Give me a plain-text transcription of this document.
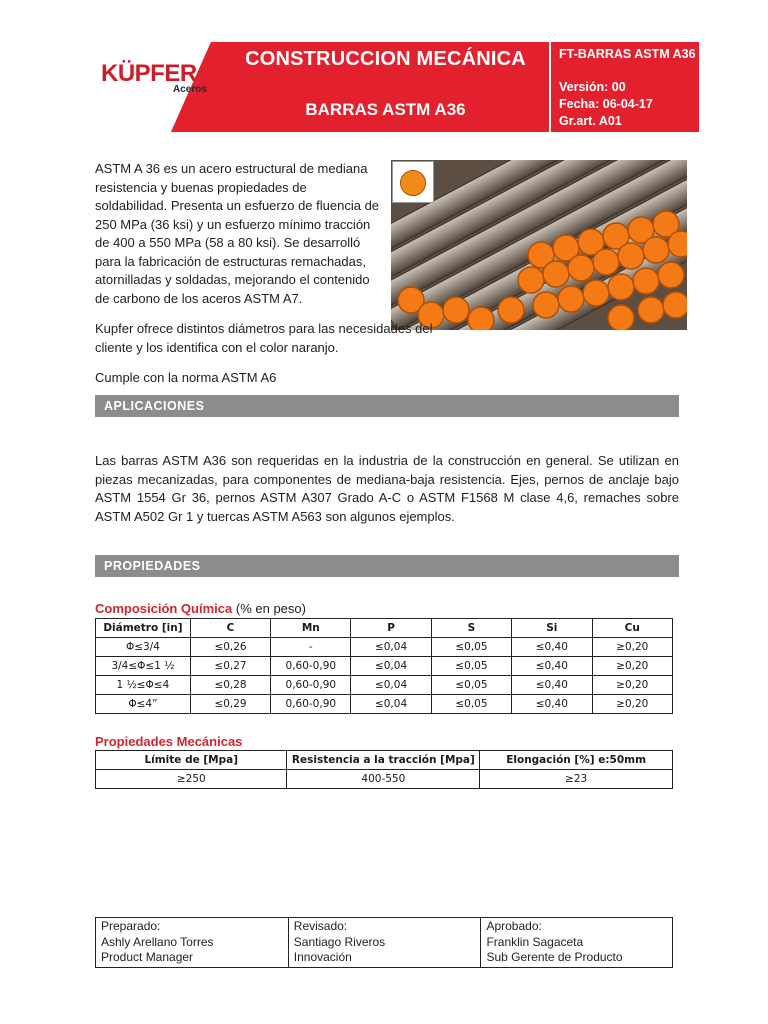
KÜPFER
Aceros
CONSTRUCCION MECÁNICA
BARRAS ASTM A36
FT-BARRAS ASTM A36
Versión: 00
Fecha: 06-04-17
Gr.art. A01
ASTM A 36 es un acero estructural de mediana resistencia y buenas propiedades de soldabilidad. Presenta un esfuerzo de fluencia de 250 MPa (36 ksi) y un esfuerzo mínimo tracción de 400 a 550 MPa (58 a 80 ksi). Se desarrolló para la fabricación de estructuras remachadas, atornilladas y soldadas, mejorando el contenido de carbono de los aceros ASTM A7.
Kupfer ofrece distintos diámetros para las necesidades del cliente y los identifica con el color naranjo.
Cumple con la norma ASTM A6
APLICACIONES
Las barras ASTM A36 son requeridas en la industria de la construcción en general. Se utilizan en piezas mecanizadas, para componentes de mediana-baja resistencia. Ejes, pernos de anclaje bajo ASTM 1554 Gr 36, pernos ASTM A307 Grado A-C o ASTM F1568 M clase 4,6, remaches sobre ASTM A502 Gr 1 y tuercas ASTM A563 son algunos ejemplos.
PROPIEDADES
Composición Química (% en peso)
Diámetro [in]	C	Mn	P	S	Si	Cu
Φ≤3/4	≤0,26	-	≤0,04	≤0,05	≤0,40	≥0,20
3/4≤Φ≤1 ½	≤0,27	0,60-0,90	≤0,04	≤0,05	≤0,40	≥0,20
1 ½≤Φ≤4	≤0,28	0,60-0,90	≤0,04	≤0,05	≤0,40	≥0,20
Φ≤4”	≤0,29	0,60-0,90	≤0,04	≤0,05	≤0,40	≥0,20
Propiedades Mecánicas
Límite de [Mpa]	Resistencia a la tracción [Mpa]	Elongación [%] e:50mm
≥250	400-550	≥23
Preparado:
Ashly Arellano Torres
Product Manager

Revisado:
Santiago Riveros
Innovación

Aprobado:
Franklin Sagaceta
Sub Gerente de Producto
